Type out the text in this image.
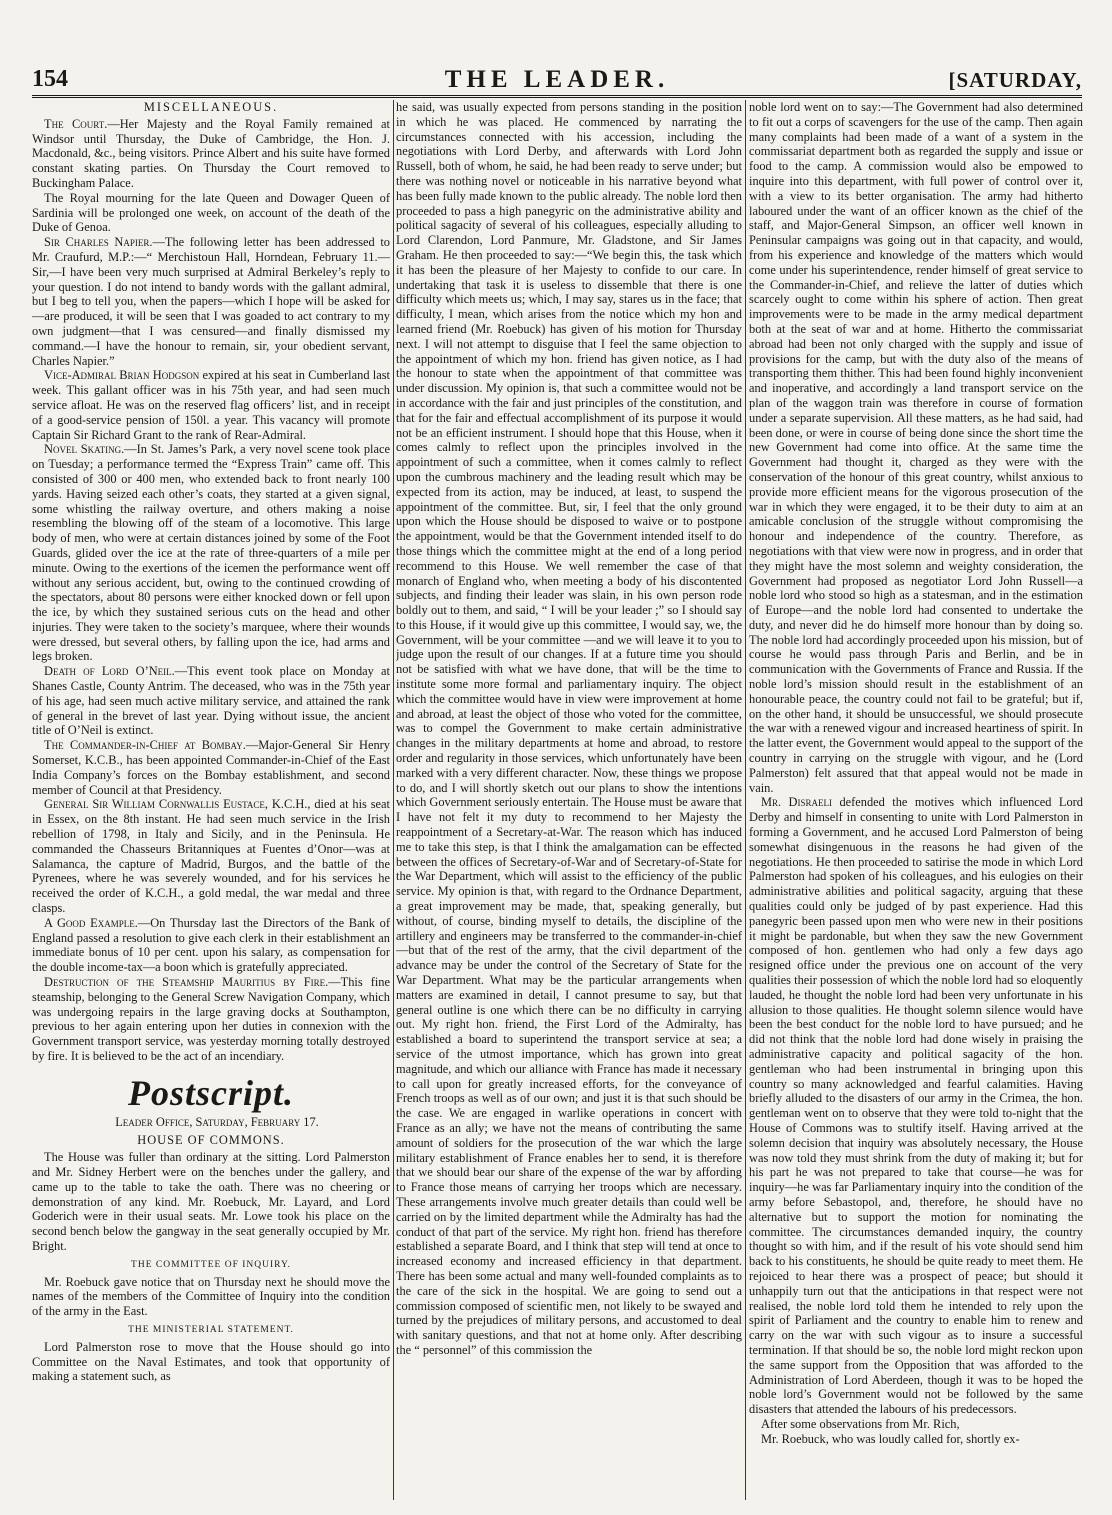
154	THE LEADER.	[SATURDAY,
MISCELLANEOUS.

The Court.—Her Majesty and the Royal Family remained at Windsor until Thursday, the Duke of Cambridge, the Hon. J. Macdonald, &c., being visitors. Prince Albert and his suite have formed constant skating parties. On Thursday the Court removed to Buckingham Palace.

The Royal mourning for the late Queen and Dowager Queen of Sardinia will be prolonged one week, on account of the death of the Duke of Genoa.

Sir Charles Napier.—The following letter has been addressed to Mr. Craufurd, M.P.:—“ Merchistoun Hall, Horndean, February 11.—Sir,—I have been very much surprised at Admiral Berkeley’s reply to your question. I do not intend to bandy words with the gallant admiral, but I beg to tell you, when the papers—which I hope will be asked for—are produced, it will be seen that I was goaded to act contrary to my own judgment—that I was censured—and finally dismissed my command.—I have the honour to remain, sir, your obedient servant, Charles Napier.”

Vice-Admiral Brian Hodgson expired at his seat in Cumberland last week. This gallant officer was in his 75th year, and had seen much service afloat. He was on the reserved flag officers’ list, and in receipt of a good-service pension of 150l. a year. This vacancy will promote Captain Sir Richard Grant to the rank of Rear-Admiral.

Novel Skating.—In St. James’s Park, a very novel scene took place on Tuesday; a performance termed the “Express Train” came off. This consisted of 300 or 400 men, who extended back to front nearly 100 yards. Having seized each other’s coats, they started at a given signal, some whistling the railway overture, and others making a noise resembling the blowing off of the steam of a locomotive. This large body of men, who were at certain distances joined by some of the Foot Guards, glided over the ice at the rate of three-quarters of a mile per minute. Owing to the exertions of the icemen the performance went off without any serious accident, but, owing to the continued crowding of the spectators, about 80 persons were either knocked down or fell upon the ice, by which they sustained serious cuts on the head and other injuries. They were taken to the society’s marquee, where their wounds were dressed, but several others, by falling upon the ice, had arms and legs broken.

Death of Lord O’Neil.—This event took place on Monday at Shanes Castle, County Antrim. The deceased, who was in the 75th year of his age, had seen much active military service, and attained the rank of general in the brevet of last year. Dying without issue, the ancient title of O’Neil is extinct.

The Commander-in-Chief at Bombay.—Major-General Sir Henry Somerset, K.C.B., has been appointed Commander-in-Chief of the East India Company’s forces on the Bombay establishment, and second member of Council at that Presidency.

General Sir William Cornwallis Eustace, K.C.H., died at his seat in Essex, on the 8th instant. He had seen much service in the Irish rebellion of 1798, in Italy and Sicily, and in the Peninsula. He commanded the Chasseurs Britanniques at Fuentes d’Onor—was at Salamanca, the capture of Madrid, Burgos, and the battle of the Pyrenees, where he was severely wounded, and for his services he received the order of K.C.H., a gold medal, the war medal and three clasps.

A Good Example.—On Thursday last the Directors of the Bank of England passed a resolution to give each clerk in their establishment an immediate bonus of 10 per cent. upon his salary, as compensation for the double income-tax—a boon which is gratefully appreciated.

Destruction of the Steamship Mauritius by Fire.—This fine steamship, belonging to the General Screw Navigation Company, which was undergoing repairs in the large graving docks at Southampton, previous to her again entering upon her duties in connexion with the Government transport service, was yesterday morning totally destroyed by fire. It is believed to be the act of an incendiary.

Postscript.

Leader Office, Saturday, February 17.

HOUSE OF COMMONS.

The House was fuller than ordinary at the sitting. Lord Palmerston and Mr. Sidney Herbert were on the benches under the gallery, and came up to the table to take the oath. There was no cheering or demonstration of any kind. Mr. Roebuck, Mr. Layard, and Lord Goderich were in their usual seats. Mr. Lowe took his place on the second bench below the gangway in the seat generally occupied by Mr. Bright.

THE COMMITTEE OF INQUIRY.

Mr. Roebuck gave notice that on Thursday next he should move the names of the members of the Committee of Inquiry into the condition of the army in the East.

THE MINISTERIAL STATEMENT.

Lord Palmerston rose to move that the House should go into Committee on the Naval Estimates, and took that opportunity of making a statement such, as

he said, was usually expected from persons standing in the position in which he was placed. He commenced by narrating the circumstances connected with his accession, including the negotiations with Lord Derby, and afterwards with Lord John Russell, both of whom, he said, he had been ready to serve under; but there was nothing novel or noticeable in his narrative beyond what has been fully made known to the public already. The noble lord then proceeded to pass a high panegyric on the administrative ability and political sagacity of several of his colleagues, especially alluding to Lord Clarendon, Lord Panmure, Mr. Gladstone, and Sir James Graham. He then proceeded to say:—“We begin this, the task which it has been the pleasure of her Majesty to confide to our care. In undertaking that task it is useless to dissemble that there is one difficulty which meets us; which, I may say, stares us in the face; that difficulty, I mean, which arises from the notice which my hon and learned friend (Mr. Roebuck) has given of his motion for Thursday next. I will not attempt to disguise that I feel the same objection to the appointment of which my hon. friend has given notice, as I had the honour to state when the appointment of that committee was under discussion. My opinion is, that such a committee would not be in accordance with the fair and just principles of the constitution, and that for the fair and effectual accomplishment of its purpose it would not be an efficient instrument. I should hope that this House, when it comes calmly to reflect upon the principles involved in the appointment of such a committee, when it comes calmly to reflect upon the cumbrous machinery and the leading result which may be expected from its action, may be induced, at least, to suspend the appointment of the committee. But, sir, I feel that the only ground upon which the House should be disposed to waive or to postpone the appointment, would be that the Government intended itself to do those things which the committee might at the end of a long period recommend to this House. We well remember the case of that monarch of England who, when meeting a body of his discontented subjects, and finding their leader was slain, in his own person rode boldly out to them, and said, “ I will be your leader ;” so I should say to this House, if it would give up this committee, I would say, we, the Government, will be your committee —and we will leave it to you to judge upon the result of our changes. If at a future time you should not be satisfied with what we have done, that will be the time to institute some more formal and parliamentary inquiry. The object which the committee would have in view were improvement at home and abroad, at least the object of those who voted for the committee, was to compel the Government to make certain administrative changes in the military departments at home and abroad, to restore order and regularity in those services, which unfortunately have been marked with a very different character. Now, these things we propose to do, and I will shortly sketch out our plans to show the intentions which Government seriously entertain. The House must be aware that I have not felt it my duty to recommend to her Majesty the reappointment of a Secretary-at-War. The reason which has induced me to take this step, is that I think the amalgamation can be effected between the offices of Secretary-of-War and of Secretary-of-State for the War Department, which will assist to the efficiency of the public service. My opinion is that, with regard to the Ordnance Department, a great improvement may be made, that, speaking generally, but without, of course, binding myself to details, the discipline of the artillery and engineers may be transferred to the commander-in-chief—but that of the rest of the army, that the civil department of the advance may be under the control of the Secretary of State for the War Department. What may be the particular arrangements when matters are examined in detail, I cannot presume to say, but that general outline is one which there can be no difficulty in carrying out. My right hon. friend, the First Lord of the Admiralty, has established a board to superintend the transport service at sea; a service of the utmost importance, which has grown into great magnitude, and which our alliance with France has made it necessary to call upon for greatly increased efforts, for the conveyance of French troops as well as of our own; and just it is that such should be the case. We are engaged in warlike operations in concert with France as an ally; we have not the means of contributing the same amount of soldiers for the prosecution of the war which the large military establishment of France enables her to send, it is therefore that we should bear our share of the expense of the war by affording to France those means of carrying her troops which are necessary. These arrangements involve much greater details than could well be carried on by the limited department while the Admiralty has had the conduct of that part of the service. My right hon. friend has therefore established a separate Board, and I think that step will tend at once to increased economy and increased efficiency in that department. There has been some actual and many well-founded complaints as to the care of the sick in the hospital. We are going to send out a commission composed of scientific men, not likely to be swayed and turned by the prejudices of military persons, and accustomed to deal with sanitary questions, and that not at home only. After describing the “ personnel” of this commission the

noble lord went on to say:—The Government had also determined to fit out a corps of scavengers for the use of the camp. Then again many complaints had been made of a want of a system in the commissariat department both as regarded the supply and issue or food to the camp. A commission would also be empowed to inquire into this department, with full power of control over it, with a view to its better organisation. The army had hitherto laboured under the want of an officer known as the chief of the staff, and Major-General Simpson, an officer well known in Peninsular campaigns was going out in that capacity, and would, from his experience and knowledge of the matters which would come under his superintendence, render himself of great service to the Commander-in-Chief, and relieve the latter of duties which scarcely ought to come within his sphere of action. Then great improvements were to be made in the army medical department both at the seat of war and at home. Hitherto the commissariat abroad had been not only charged with the supply and issue of provisions for the camp, but with the duty also of the means of transporting them thither. This had been found highly inconvenient and inoperative, and accordingly a land transport service on the plan of the waggon train was therefore in course of formation under a separate supervision. All these matters, as he had said, had been done, or were in course of being done since the short time the new Government had come into office. At the same time the Government had thought it, charged as they were with the conservation of the honour of this great country, whilst anxious to provide more efficient means for the vigorous prosecution of the war in which they were engaged, it to be their duty to aim at an amicable conclusion of the struggle without compromising the honour and independence of the country. Therefore, as negotiations with that view were now in progress, and in order that they might have the most solemn and weighty consideration, the Government had proposed as negotiator Lord John Russell—a noble lord who stood so high as a statesman, and in the estimation of Europe—and the noble lord had consented to undertake the duty, and never did he do himself more honour than by doing so. The noble lord had accordingly proceeded upon his mission, but of course he would pass through Paris and Berlin, and be in communication with the Governments of France and Russia. If the noble lord’s mission should result in the establishment of an honourable peace, the country could not fail to be grateful; but if, on the other hand, it should be unsuccessful, we should prosecute the war with a renewed vigour and increased heartiness of spirit. In the latter event, the Government would appeal to the support of the country in carrying on the struggle with vigour, and he (Lord Palmerston) felt assured that that appeal would not be made in vain.

Mr. Disraeli defended the motives which influenced Lord Derby and himself in consenting to unite with Lord Palmerston in forming a Government, and he accused Lord Palmerston of being somewhat disingenuous in the reasons he had given of the negotiations. He then proceeded to satirise the mode in which Lord Palmerston had spoken of his colleagues, and his eulogies on their administrative abilities and political sagacity, arguing that these qualities could only be judged of by past experience. Had this panegyric been passed upon men who were new in their positions it might be pardonable, but when they saw the new Government composed of hon. gentlemen who had only a few days ago resigned office under the previous one on account of the very qualities their possession of which the noble lord had so eloquently lauded, he thought the noble lord had been very unfortunate in his allusion to those qualities. He thought solemn silence would have been the best conduct for the noble lord to have pursued; and he did not think that the noble lord had done wisely in praising the administrative capacity and political sagacity of the hon. gentleman who had been instrumental in bringing upon this country so many acknowledged and fearful calamities. Having briefly alluded to the disasters of our army in the Crimea, the hon. gentleman went on to observe that they were told to-night that the House of Commons was to stultify itself. Having arrived at the solemn decision that inquiry was absolutely necessary, the House was now told they must shrink from the duty of making it; but for his part he was not prepared to take that course—he was for inquiry—he was far Parliamentary inquiry into the condition of the army before Sebastopol, and, therefore, he should have no alternative but to support the motion for nominating the committee. The circumstances demanded inquiry, the country thought so with him, and if the result of his vote should send him back to his constituents, he should be quite ready to meet them. He rejoiced to hear there was a prospect of peace; but should it unhappily turn out that the anticipations in that respect were not realised, the noble lord told them he intended to rely upon the spirit of Parliament and the country to enable him to renew and carry on the war with such vigour as to insure a successful termination. If that should be so, the noble lord might reckon upon the same support from the Opposition that was afforded to the Administration of Lord Aberdeen, though it was to be hoped the noble lord’s Government would not be followed by the same disasters that attended the labours of his predecessors.

After some observations from Mr. Rich,

Mr. Roebuck, who was loudly called for, shortly ex-
